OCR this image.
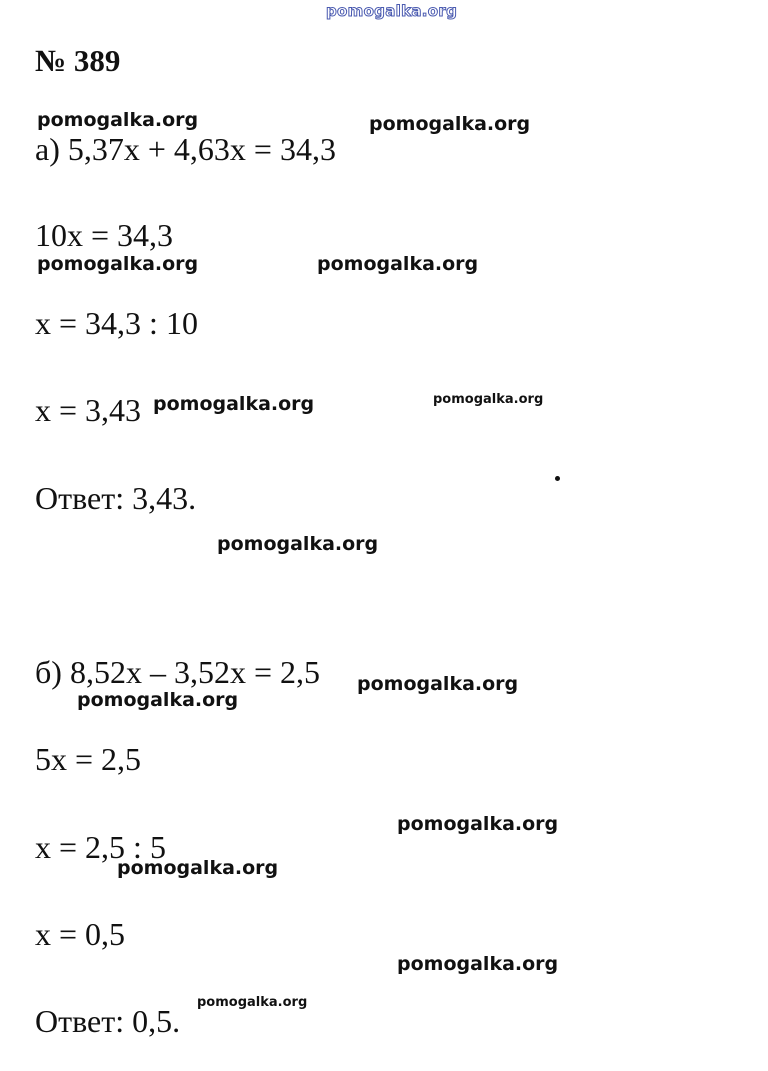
pomogalka.org
№ 389
а) 5,37x + 4,63x = 34,3
10x = 34,3
x = 34,3 : 10
x = 3,43
Ответ: 3,43.
б) 8,52x – 3,52x = 2,5
5x = 2,5
x = 2,5 : 5
x = 0,5
Ответ: 0,5.
pomogalka.org	pomogalka.org
pomogalka.org	pomogalka.org
pomogalka.org	pomogalka.org
pomogalka.org
pomogalka.org
pomogalka.org
pomogalka.org
pomogalka.org
pomogalka.org
pomogalka.org
